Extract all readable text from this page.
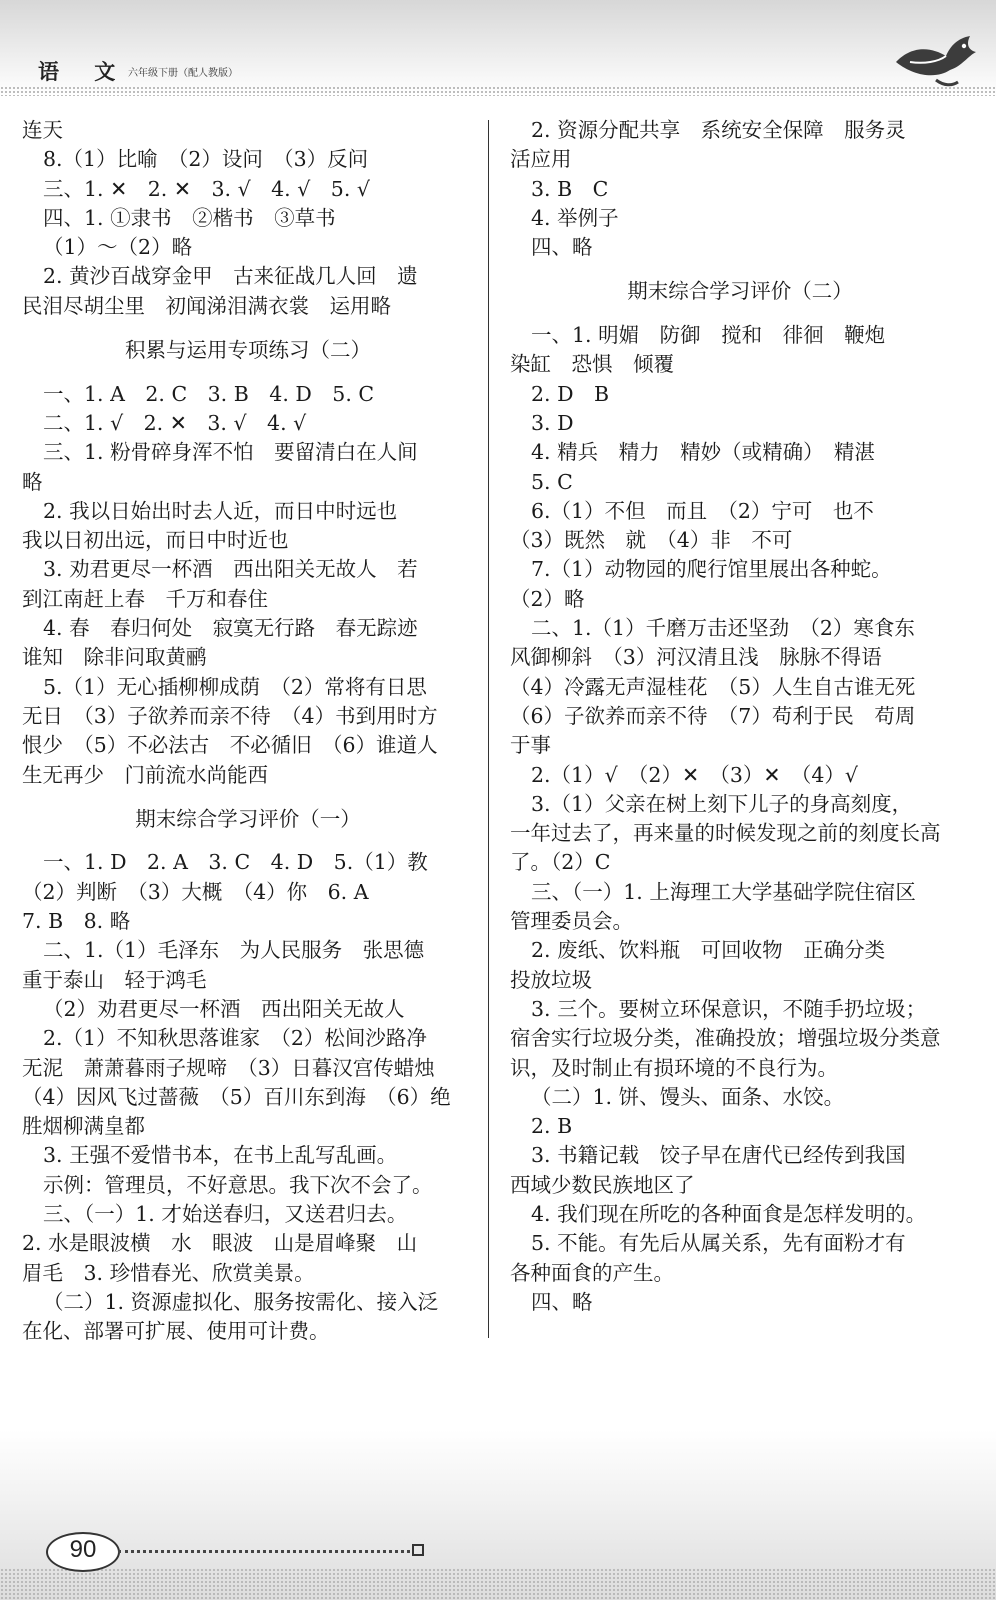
语 文
六年级下册（配人教版）
连天
8.（1）比喻　（2）设问　（3）反问
三、1. ✕　2. ✕　3. √　4. √　5. √
四、1. ①隶书　②楷书　③草书
（1）～（2）略
2. 黄沙百战穿金甲　古来征战几人回　遗
民泪尽胡尘里　初闻涕泪满衣裳　运用略
积累与运用专项练习（二）
一、1. A　2. C　3. B　4. D　5. C
二、1. √　2. ✕　3. √　4. √
三、1. 粉骨碎身浑不怕　要留清白在人间
略
2. 我以日始出时去人近，而日中时远也
我以日初出远，而日中时近也
3. 劝君更尽一杯酒　西出阳关无故人　若
到江南赶上春　千万和春住
4. 春　春归何处　寂寞无行路　春无踪迹
谁知　除非问取黄鹂
5.（1）无心插柳柳成荫　（2）常将有日思
无日　（3）子欲养而亲不待　（4）书到用时方
恨少　（5）不必法古　不必循旧　（6）谁道人
生无再少　门前流水尚能西
期末综合学习评价（一）
一、1. D　2. A　3. C　4. D　5.（1）教
（2）判断　（3）大概　（4）你　6. A
7. B　8. 略
二、1.（1）毛泽东　为人民服务　张思德
重于泰山　轻于鸿毛
（2）劝君更尽一杯酒　西出阳关无故人
2.（1）不知秋思落谁家　（2）松间沙路净
无泥　萧萧暮雨子规啼　（3）日暮汉宫传蜡烛
（4）因风飞过蔷薇　（5）百川东到海　（6）绝
胜烟柳满皇都
3. 王强不爱惜书本，在书上乱写乱画。
示例：管理员，不好意思。我下次不会了。
三、（一）1. 才始送春归，又送君归去。
2. 水是眼波横　水　眼波　山是眉峰聚　山
眉毛　3. 珍惜春光、欣赏美景。
（二）1. 资源虚拟化、服务按需化、接入泛
在化、部署可扩展、使用可计费。
2. 资源分配共享　系统安全保障　服务灵
活应用
3. B　C
4. 举例子
四、略
期末综合学习评价（二）
一、1. 明媚　防御　搅和　徘徊　鞭炮
染缸　恐惧　倾覆
2. D　B
3. D
4. 精兵　精力　精妙（或精确）　精湛
5. C
6.（1）不但　而且　（2）宁可　也不
（3）既然　就　（4）非　不可
7.（1）动物园的爬行馆里展出各种蛇。
（2）略
二、1.（1）千磨万击还坚劲　（2）寒食东
风御柳斜　（3）河汉清且浅　脉脉不得语
（4）冷露无声湿桂花　（5）人生自古谁无死
（6）子欲养而亲不待　（7）苟利于民　苟周
于事
2.（1）√　（2）✕　（3）✕　（4）√
3.（1）父亲在树上刻下儿子的身高刻度，
一年过去了，再来量的时候发现之前的刻度长高
了。（2）C
三、（一）1. 上海理工大学基础学院住宿区
管理委员会。
2. 废纸、饮料瓶　可回收物　正确分类
投放垃圾
3. 三个。要树立环保意识，不随手扔垃圾；
宿舍实行垃圾分类，准确投放；增强垃圾分类意
识，及时制止有损环境的不良行为。
（二）1. 饼、馒头、面条、水饺。
2. B
3. 书籍记载　饺子早在唐代已经传到我国
西域少数民族地区了
4. 我们现在所吃的各种面食是怎样发明的。
5. 不能。有先后从属关系，先有面粉才有
各种面食的产生。
四、略
90
